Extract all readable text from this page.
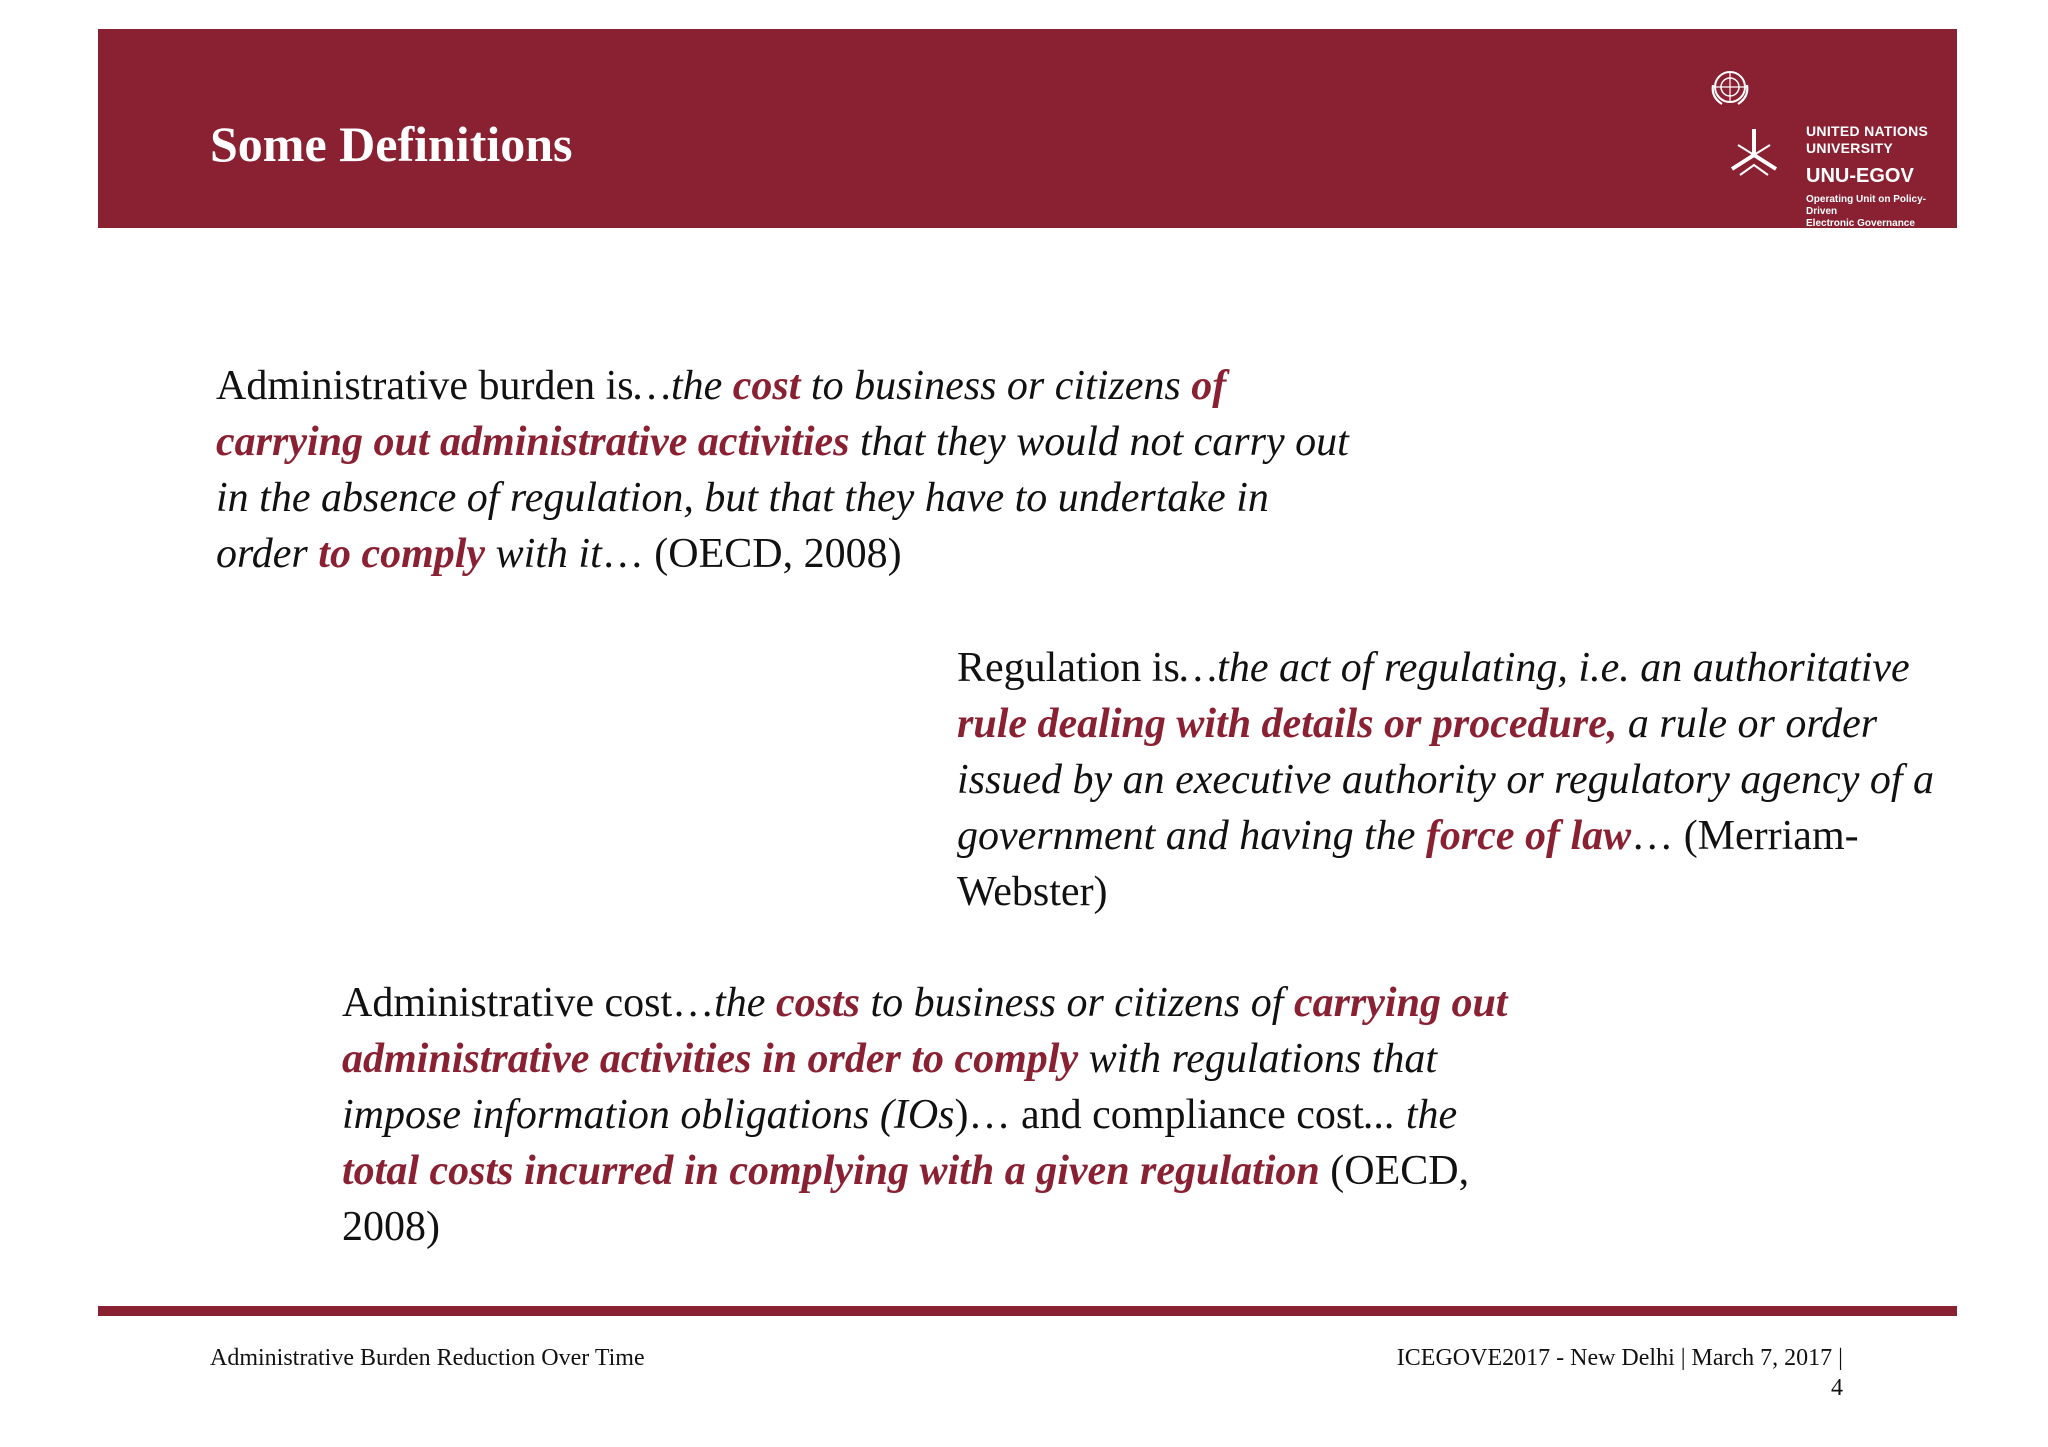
Some Definitions	UNITED NATIONS
UNIVERSITY
UNU-EGOV
Operating Unit on Policy-Driven
Electronic Governance

Administrative burden is…the cost to business or citizens of carrying out administrative activities that they would not carry out in the absence of regulation, but that they have to undertake in order to comply with it… (OECD, 2008)

Regulation is…the act of regulating, i.e. an authoritative rule dealing with details or procedure, a rule or order issued by an executive authority or regulatory agency of a government and having the force of law… (Merriam-Webster)

Administrative cost…the costs to business or citizens of carrying out administrative activities in order to comply with regulations that impose information obligations (IOs)… and compliance cost... the total costs incurred in complying with a given regulation (OECD, 2008)

Administrative Burden Reduction Over Time	ICEGOVE2017 - New Delhi | March 7, 2017 |
4
